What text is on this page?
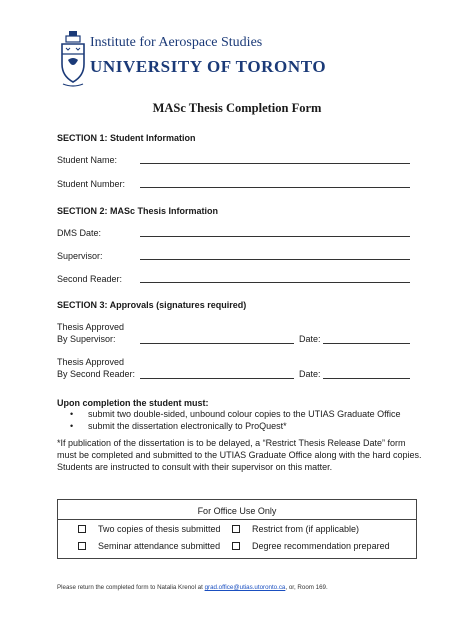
Institute for Aerospace Studies
UNIVERSITY OF TORONTO
MASc Thesis Completion Form
SECTION 1: Student Information
Student Name:
Student Number:
SECTION 2: MASc Thesis Information
DMS Date:
Supervisor:
Second Reader:
SECTION 3: Approvals (signatures required)
Thesis Approved
By Supervisor:	Date:
Thesis Approved
By Second Reader:	Date:
Upon completion the student must:
• submit two double-sided, unbound colour copies to the UTIAS Graduate Office
• submit the dissertation electronically to ProQuest*
*If publication of the dissertation is to be delayed, a “Restrict Thesis Release Date” form must be completed and submitted to the UTIAS Graduate Office along with the hard copies. Students are instructed to consult with their supervisor on this matter.
For Office Use Only
Two copies of thesis submitted	Restrict from (if applicable)
Seminar attendance submitted	Degree recommendation prepared
Please return the completed form to Natalia Krenol at grad.office@utias.utoronto.ca, or, Room 169.
